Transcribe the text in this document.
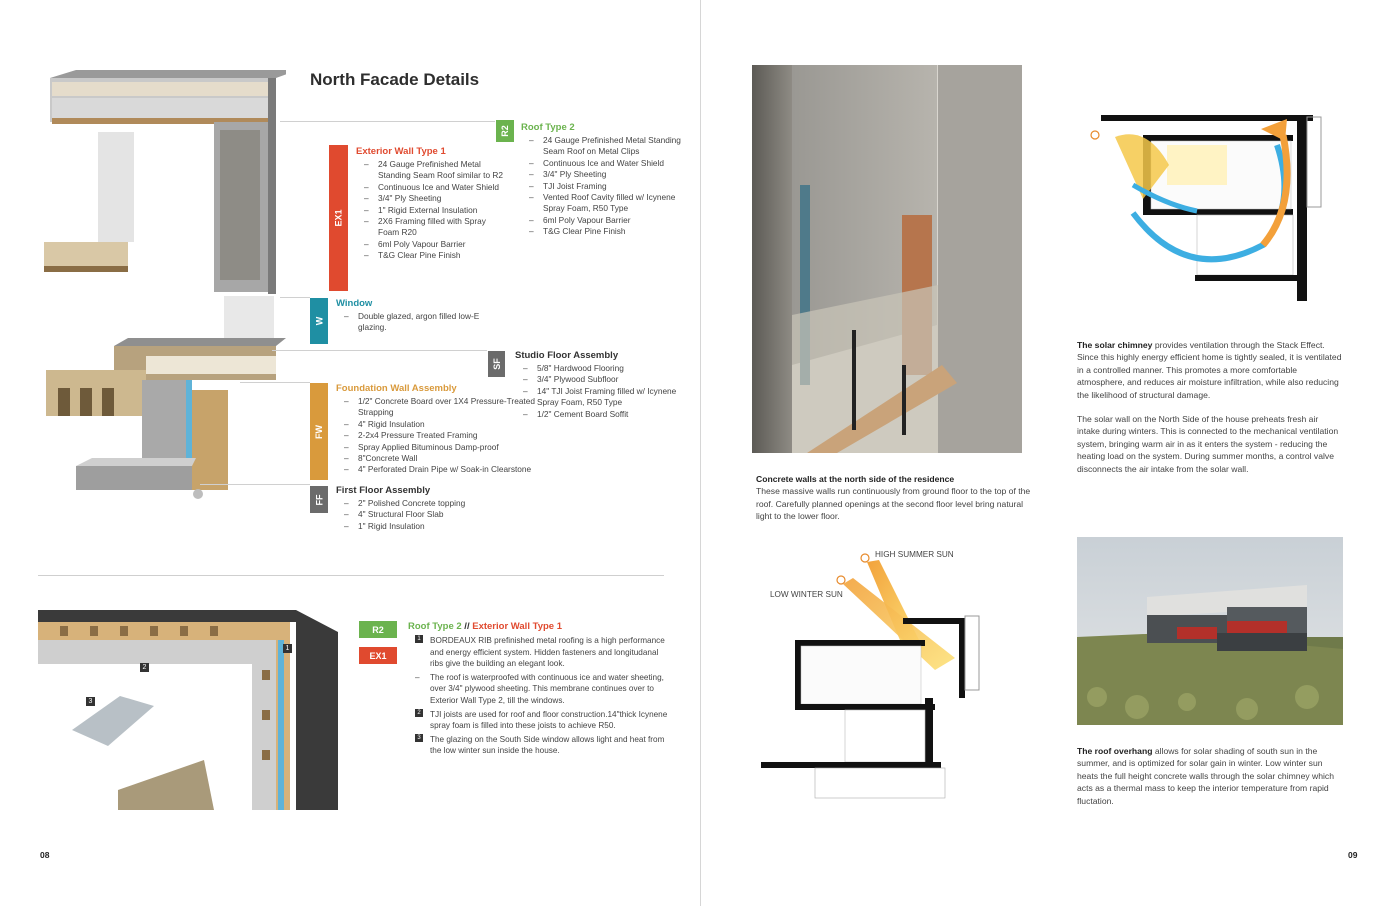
North Facade Details
R2 Roof Type 2
– 24 Gauge Prefinished Metal Standing Seam Roof on Metal Clips
– Continuous Ice and Water Shield
– 3/4" Ply Sheeting
– TJI Joist Framing
– Vented Roof Cavity filled w/ Icynene Spray Foam, R50 Type
– 6ml Poly Vapour Barrier
– T&G Clear Pine Finish
EX1
Exterior Wall Type 1
– 24 Gauge Prefinished Metal Standing Seam Roof similar to R2
– Continuous Ice and Water Shield
– 3/4" Ply Sheeting
– 1" Rigid External Insulation
– 2X6 Framing filled with Spray Foam R20
– 6ml Poly Vapour Barrier
– T&G Clear Pine Finish
W
Window
– Double glazed, argon filled low-E glazing.
SF
Studio Floor Assembly
– 5/8" Hardwood Flooring
– 3/4" Plywood Subfloor
– 14" TJI Joist Framing filled w/ Icynene Spray Foam, R50 Type
– 1/2" Cement Board Soffit
FW
Foundation Wall Assembly
– 1/2" Concrete Board over 1X4 Pressure-Treated Strapping
– 4" Rigid Insulation
– 2-2x4 Pressure Treated Framing
– Spray Applied Bituminous Damp-proof
– 8"Concrete Wall
– 4" Perforated Drain Pipe w/ Soak-in Clearstone
FF
First Floor Assembly
– 2" Polished Concrete topping
– 4" Structural Floor Slab
– 1" Rigid Insulation
1
2
3
R2
EX1
Roof Type 2 // Exterior Wall Type 1
1 BORDEAUX RIB prefinished metal roofing is a high performance and energy efficient system. Hidden fasteners and longitudanal ribs give the building an elegant look.
– The roof is waterproofed with continuous ice and water sheeting, over 3/4" plywood sheeting. This membrane continues over to Exterior Wall Type 2, till the windows.
2 TJI joists are used for roof and floor construction.14"thick Icynene spray foam is filled into these joists to achieve R50.
3 The glazing on the South Side window allows light and heat from the low winter sun inside the house.
08
Concrete walls at the north side of the residence
These massive walls run continuously from ground floor to the top of the roof. Carefully planned openings at the second floor level bring natural light to the lower floor.
The solar chimney provides ventilation through the Stack Effect. Since this highly energy efficient home is tightly sealed, it is ventilated in a controlled manner. This promotes a more comfortable atmosphere, and reduces air moisture infiltration, while also reducing the likelihood of structural damage.
The solar wall on the North Side of the house preheats fresh air intake during winters. This is connected to the mechanical ventilation system, bringing warm air in as it enters the system - reducing the heating load on the system. During summer months, a control valve disconnects the air intake from the solar wall.
HIGH SUMMER SUN
LOW WINTER SUN
The roof overhang allows for solar shading of south sun in the summer, and is optimized for solar gain in winter. Low winter sun heats the full height concrete walls through the solar chimney which acts as a thermal mass to keep the interior temperature from rapid fluctation.
09
